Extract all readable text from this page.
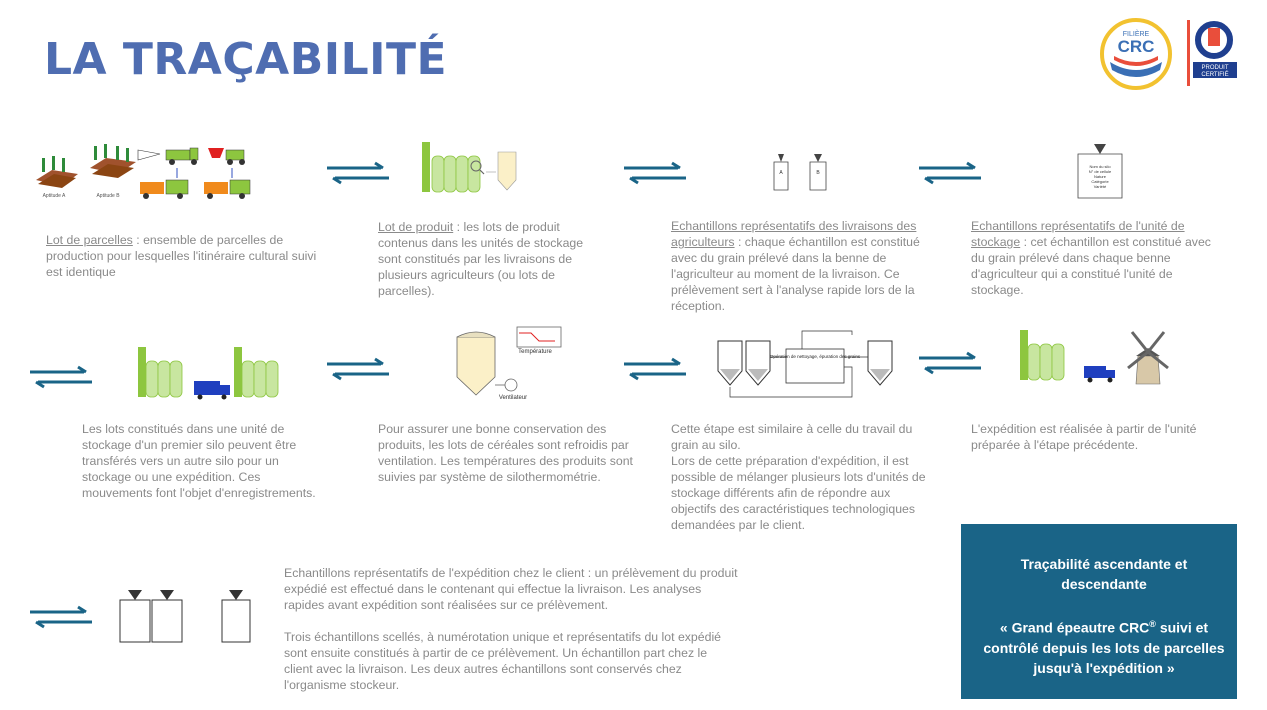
LA TRAÇABILITÉ	FILIÈRE
CRC
PRODUIT
CERTIFIÉ
Aptitude A	Aptitude B
A	B
Nom du silo
N° de cellule
Nature
Catégorie
Variété
Lot de parcelles : ensemble de parcelles de production pour lesquelles l'itinéraire cultural suivi est identique
Lot de produit : les lots de produit contenus dans les unités de stockage sont constitués par les livraisons de plusieurs agriculteurs (ou lots de parcelles).
Echantillons représentatifs des livraisons des agriculteurs : chaque échantillon est constitué avec du grain prélevé dans la benne de l'agriculteur au moment de la livraison. Ce prélèvement sert à l'analyse rapide lors de la réception.
Echantillons représentatifs de l'unité de stockage : cet échantillon est constitué avec du grain prélevé dans chaque benne d'agriculteur qui a constitué l'unité de stockage.
Température
Ventilateur
Opération de nettoyage, épuration des grains
Les lots constitués dans une unité de stockage d'un premier silo peuvent être transférés vers un autre silo pour un stockage ou une expédition. Ces mouvements font l'objet d'enregistrements.
Pour assurer une bonne conservation des produits, les lots de céréales sont refroidis par ventilation. Les températures des produits sont suivies par système de silothermométrie.
Cette étape est similaire à celle du travail du grain au silo.
Lors de cette préparation d'expédition, il est possible de mélanger plusieurs lots d'unités de stockage différents afin de répondre aux objectifs des caractéristiques technologiques demandées par le client.
L'expédition est réalisée à partir de l'unité préparée à l'étape précédente.
Echantillons représentatifs de l'expédition chez le client : un prélèvement du produit expédié est effectué dans le contenant qui effectue la livraison. Les analyses rapides avant expédition sont réalisées sur ce prélèvement.
Trois échantillons scellés, à numérotation unique et représentatifs du lot expédié sont ensuite constitués à partir de ce prélèvement. Un échantillon part chez le client avec la livraison. Les deux autres échantillons sont conservés chez l'organisme stockeur.

Traçabilité ascendante et

descendante

« Grand épeautre CRC® suivi et contrôlé depuis les lots de parcelles jusqu'à l'expédition »
